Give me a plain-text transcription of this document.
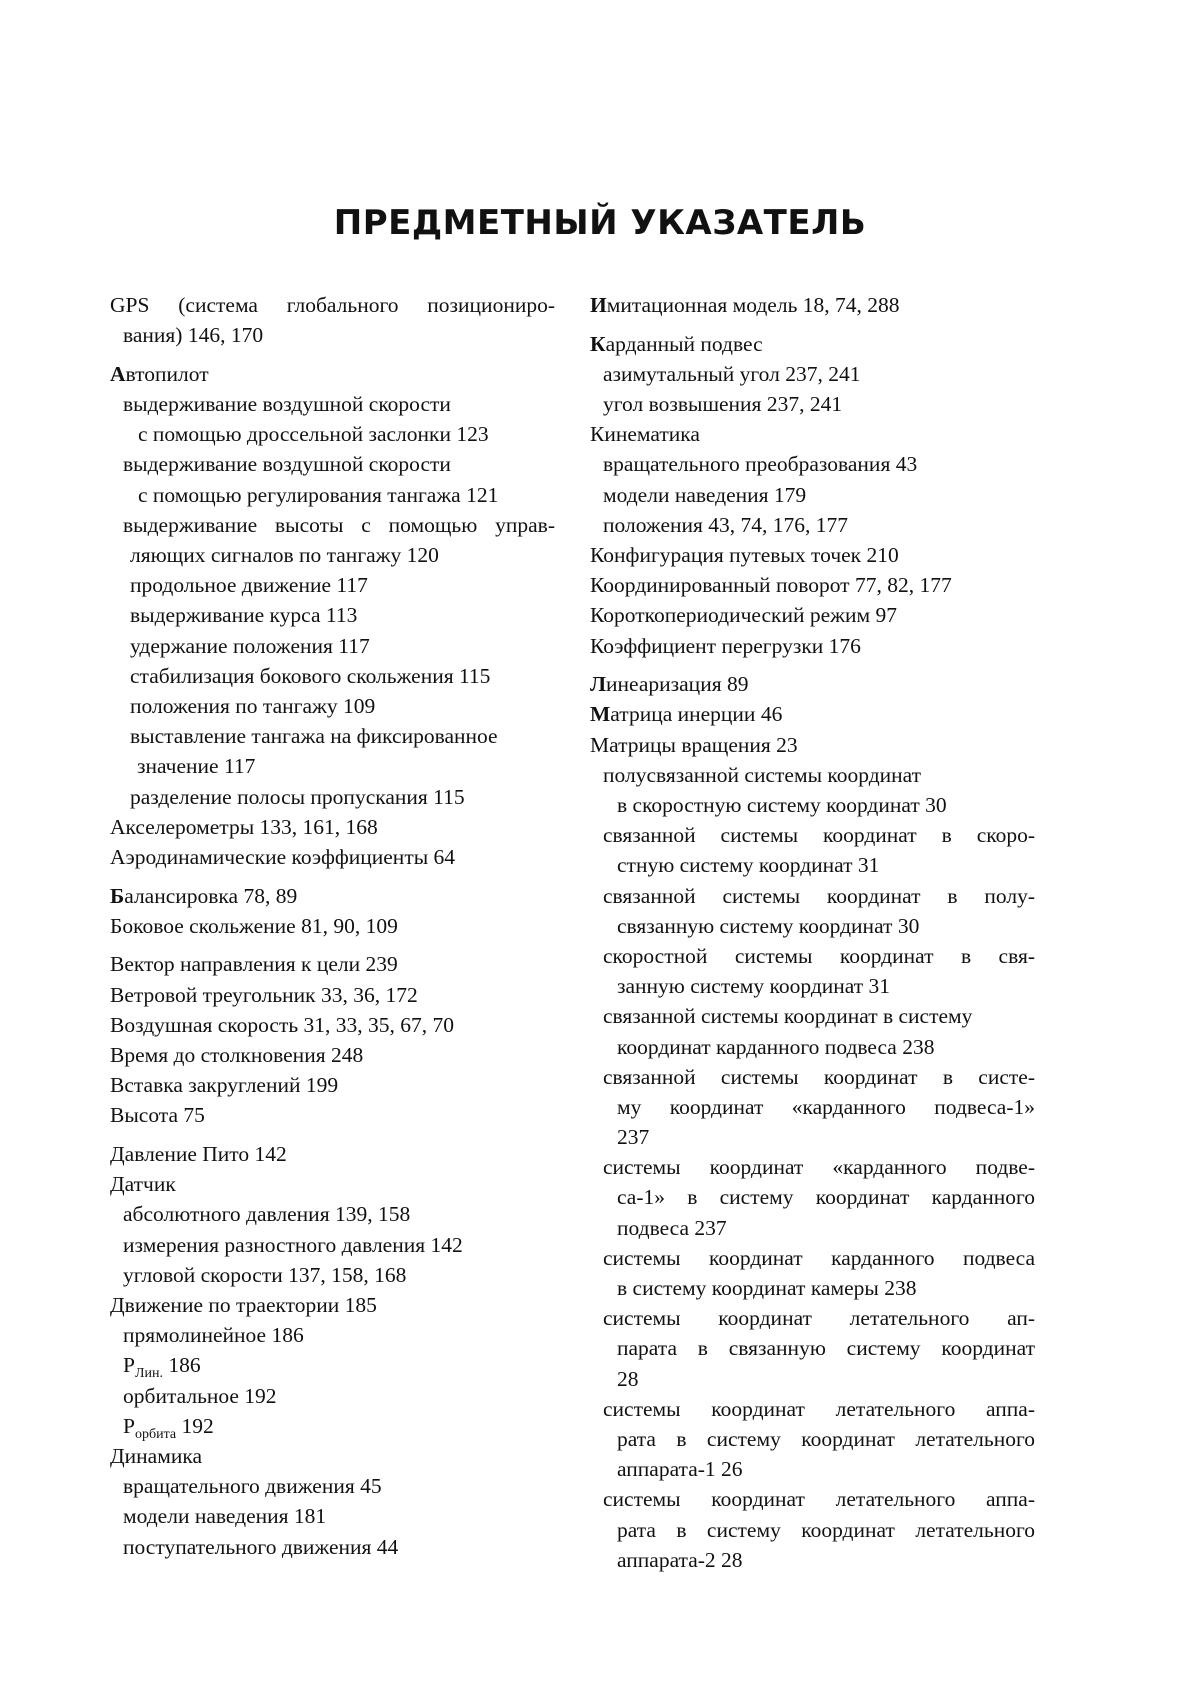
ПРЕДМЕТНЫЙ УКАЗАТЕЛЬ
GPS (система глобального позициониро-
вания) 146, 170
Автопилот
выдерживание воздушной скорости
с помощью дроссельной заслонки 123
выдерживание воздушной скорости
с помощью регулирования тангажа 121
выдерживание высоты с помощью управ-
ляющих сигналов по тангажу 120
продольное движение 117
выдерживание курса 113
удержание положения 117
стабилизация бокового скольжения 115
положения по тангажу 109
выставление тангажа на фиксированное
значение 117
разделение полосы пропускания 115
Акселерометры 133, 161, 168
Аэродинамические коэффициенты 64
Балансировка 78, 89
Боковое скольжение 81, 90, 109
Вектор направления к цели 239
Ветровой треугольник 33, 36, 172
Воздушная скорость 31, 33, 35, 67, 70
Время до столкновения 248
Вставка закруглений 199
Высота 75
Давление Пито 142
Датчик
абсолютного давления 139, 158
измерения разностного давления 142
угловой скорости 137, 158, 168
Движение по траектории 185
прямолинейное 186
$P_{Лин.}$ 186
орбитальное 192
$P_{орбита}$ 192
Динамика
вращательного движения 45
модели наведения 181
поступательного движения 44
Имитационная модель 18, 74, 288
Карданный подвес
азимутальный угол 237, 241
угол возвышения 237, 241
Кинематика
вращательного преобразования 43
модели наведения 179
положения 43, 74, 176, 177
Конфигурация путевых точек 210
Координированный поворот 77, 82, 177
Короткопериодический режим 97
Коэффициент перегрузки 176
Линеаризация 89
Матрица инерции 46
Матрицы вращения 23
полусвязанной системы координат
в скоростную систему координат 30
связанной системы координат в скоро-
стную систему координат 31
связанной системы координат в полу-
связанную систему координат 30
скоростной системы координат в свя-
занную систему координат 31
связанной системы координат в систему
координат карданного подвеса 238
связанной системы координат в систе-
му координат «карданного подвеса-1»
237
системы координат «карданного подве-
са-1» в систему координат карданного
подвеса 237
системы координат карданного подвеса
в систему координат камеры 238
системы координат летательного ап-
парата в связанную систему координат
28
системы координат летательного аппа-
рата в систему координат летательного
аппарата-1 26
системы координат летательного аппа-
рата в систему координат летательного
аппарата-2 28
